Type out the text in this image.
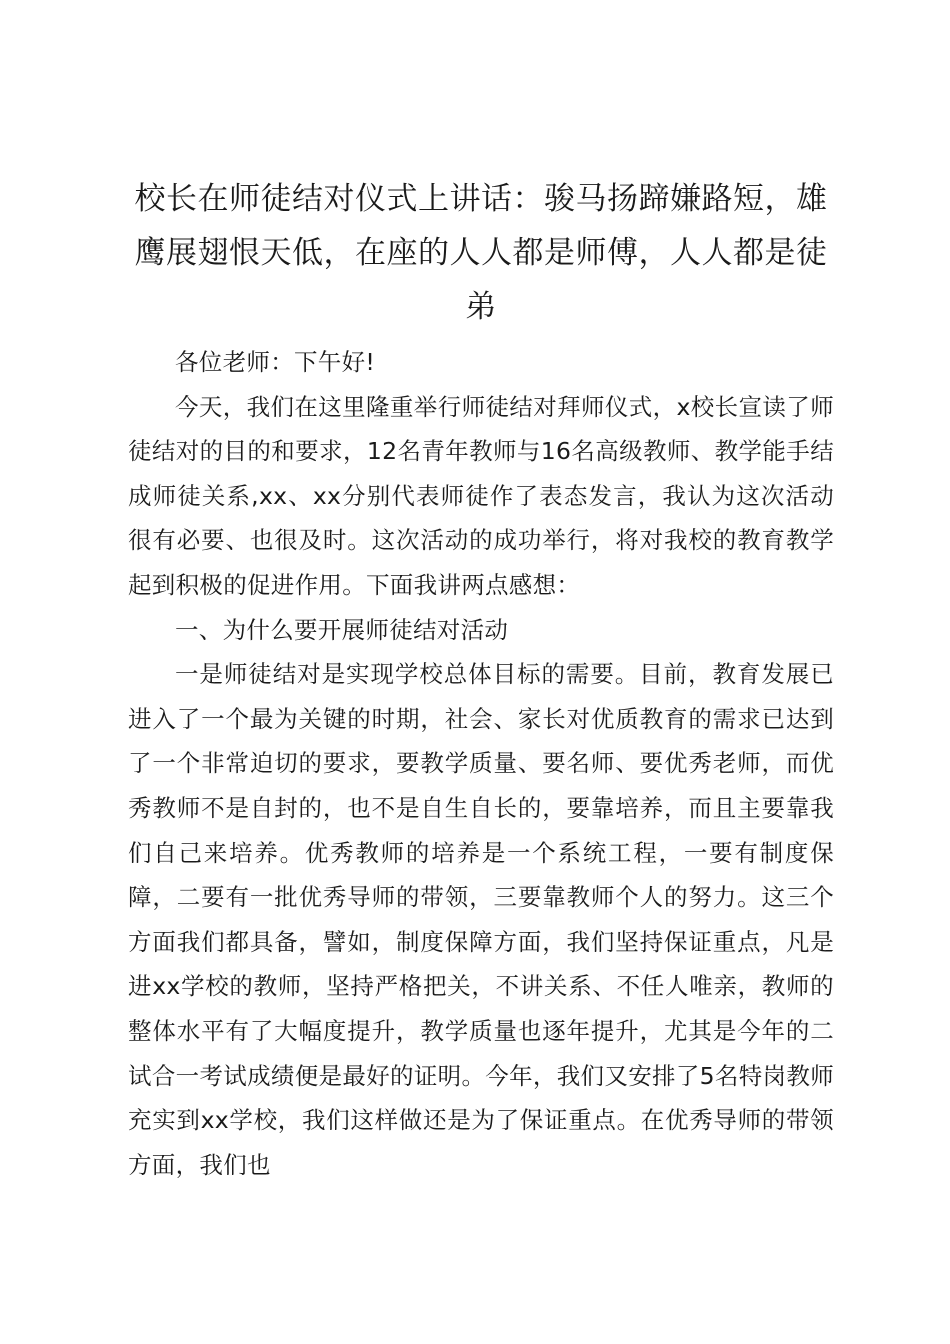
校长在师徒结对仪式上讲话：骏马扬蹄嫌路短，雄鹰展翅恨天低，在座的人人都是师傅，人人都是徒弟

各位老师：下午好!

今天，我们在这里隆重举行师徒结对拜师仪式，x校长宣读了师徒结对的目的和要求，12名青年教师与16名高级教师、教学能手结成师徒关系,xx、xx分别代表师徒作了表态发言，我认为这次活动很有必要、也很及时。这次活动的成功举行，将对我校的教育教学起到积极的促进作用。下面我讲两点感想：

一、为什么要开展师徒结对活动

一是师徒结对是实现学校总体目标的需要。目前，教育发展已进入了一个最为关键的时期，社会、家长对优质教育的需求已达到了一个非常迫切的要求，要教学质量、要名师、要优秀老师，而优秀教师不是自封的，也不是自生自长的，要靠培养，而且主要靠我们自己来培养。优秀教师的培养是一个系统工程，一要有制度保障，二要有一批优秀导师的带领，三要靠教师个人的努力。这三个方面我们都具备，譬如，制度保障方面，我们坚持保证重点，凡是进xx学校的教师，坚持严格把关，不讲关系、不任人唯亲，教师的整体水平有了大幅度提升，教学质量也逐年提升，尤其是今年的二试合一考试成绩便是最好的证明。今年，我们又安排了5名特岗教师充实到xx学校，我们这样做还是为了保证重点。在优秀导师的带领方面，我们也
